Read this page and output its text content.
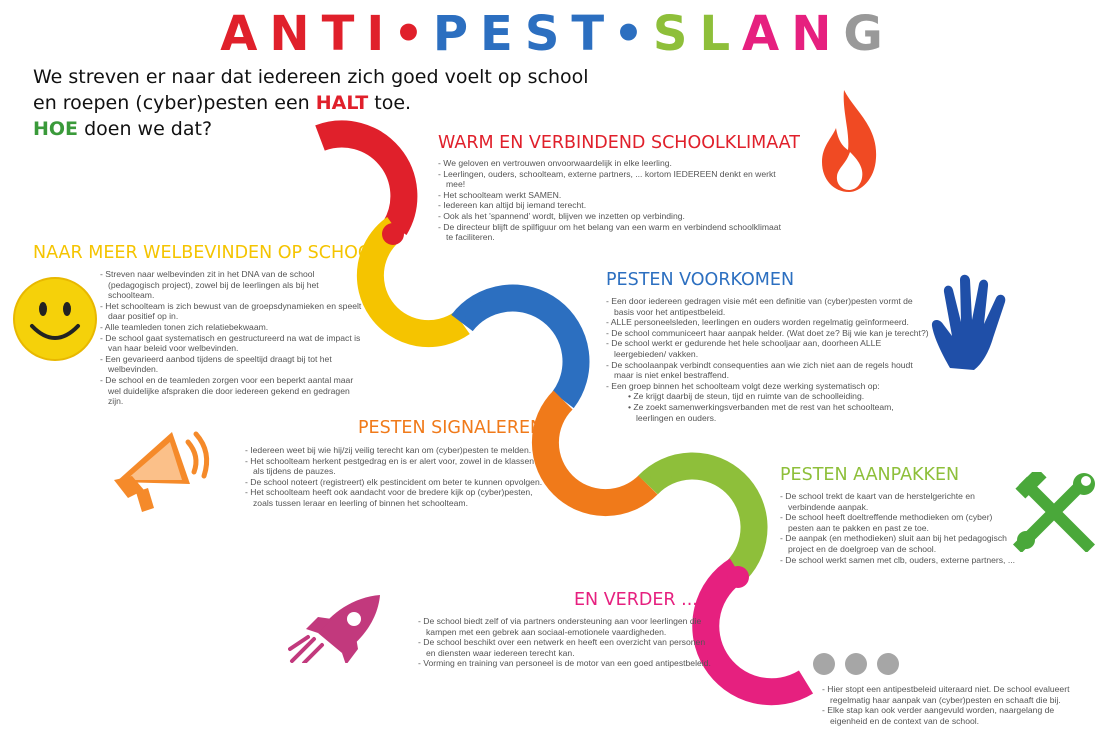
A N T I • P E S T • S L A N G
We streven er naar dat iedereen zich goed voelt op school
en roepen (cyber)pesten een HALT toe.
HOE doen we dat?
WARM EN VERBINDEND SCHOOLKLIMAAT
NAAR MEER WELBEVINDEN OP SCHOOL
PESTEN VOORKOMEN
PESTEN SIGNALEREN
PESTEN AANPAKKEN
EN VERDER ... ?
- We geloven en vertrouwen onvoorwaardelijk in elke leerling.
- Leerlingen, ouders, schoolteam, externe partners, ... kortom IEDEREEN denkt en werkt mee!
- Het schoolteam werkt SAMEN.
- Iedereen kan altijd bij iemand terecht.
- Ook als het 'spannend' wordt, blijven we inzetten op verbinding.
- De directeur blijft de spilfiguur om het belang van een warm en verbindend schoolklimaat te faciliteren.
- Streven naar welbevinden zit in het DNA van de school (pedagogisch project), zowel bij de leerlingen als bij het schoolteam.
- Het schoolteam is zich bewust van de groepsdynamieken en speelt daar positief op in.
- Alle teamleden tonen zich relatiebekwaam.
- De school gaat systematisch en gestructureerd na wat de impact is van haar beleid voor welbevinden.
- Een gevarieerd aanbod tijdens de speeltijd draagt bij tot het welbevinden.
- De school en de teamleden zorgen voor een beperkt aantal maar wel duidelijke afspraken die door iedereen gekend en gedragen zijn.
- Een door iedereen gedragen visie mét een definitie van (cyber)pesten vormt de basis voor het antipestbeleid.
- ALLE personeelsleden, leerlingen en ouders worden regelmatig geïnformeerd.
- De school communiceert haar aanpak helder. (Wat doet ze? Bij wie kan je terecht?)
- De school werkt er gedurende het hele schooljaar aan, doorheen ALLE leergebieden/ vakken.
- De schoolaanpak verbindt consequenties aan wie zich niet aan de regels houdt maar is niet enkel bestraffend.
- Een groep binnen het schoolteam volgt deze werking systematisch op:
• Ze krijgt daarbij de steun, tijd en ruimte van de schoolleiding.
• Ze zoekt samenwerkingsverbanden met de rest van het schoolteam, leerlingen en ouders.
- Iedereen weet bij wie hij/zij veilig terecht kan om (cyber)pesten te melden.
- Het schoolteam herkent pestgedrag en is er alert voor, zowel in de klassen als tijdens de pauzes.
- De school noteert (registreert) elk pestincident om beter te kunnen opvolgen.
- Het schoolteam heeft ook aandacht voor de bredere kijk op (cyber)pesten, zoals tussen leraar en leerling of binnen het schoolteam.
- De school trekt de kaart van de herstelgerichte en verbindende aanpak.
- De school heeft doeltreffende methodieken om (cyber) pesten aan te pakken en past ze toe.
- De aanpak (en methodieken) sluit aan bij het pedagogisch project en de doelgroep van de school.
- De school werkt samen met clb, ouders, externe partners, ...
- De school biedt zelf of via partners ondersteuning aan voor leerlingen die kampen met een gebrek aan sociaal-emotionele vaardigheden.
- De school beschikt over een netwerk en heeft een overzicht van personen en diensten waar iedereen terecht kan.
- Vorming en training van personeel is de motor van een goed antipestbeleid.
- Hier stopt een antipestbeleid uiteraard niet. De school evalueert regelmatig haar aanpak van (cyber)pesten en schaaft die bij.
- Elke stap kan ook verder aangevuld worden, naargelang de eigenheid en de context van de school.
